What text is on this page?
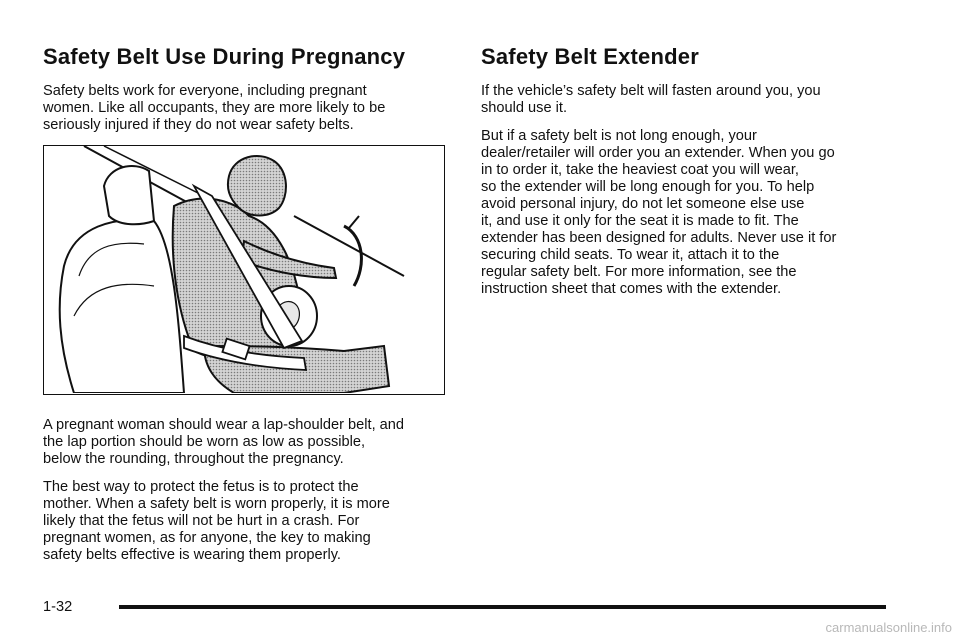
Safety Belt Use During Pregnancy

Safety belts work for everyone, including pregnant
women. Like all occupants, they are more likely to be
seriously injured if they do not wear safety belts.

A pregnant woman should wear a lap-shoulder belt, and
the lap portion should be worn as low as possible,
below the rounding, throughout the pregnancy.

The best way to protect the fetus is to protect the
mother. When a safety belt is worn properly, it is more
likely that the fetus will not be hurt in a crash. For
pregnant women, as for anyone, the key to making
safety belts effective is wearing them properly.

Safety Belt Extender

If the vehicle’s safety belt will fasten around you, you
should use it.

But if a safety belt is not long enough, your
dealer/retailer will order you an extender. When you go
in to order it, take the heaviest coat you will wear,
so the extender will be long enough for you. To help
avoid personal injury, do not let someone else use
it, and use it only for the seat it is made to fit. The
extender has been designed for adults. Never use it for
securing child seats. To wear it, attach it to the
regular safety belt. For more information, see the
instruction sheet that comes with the extender.

1-32
carmanualsonline.info
